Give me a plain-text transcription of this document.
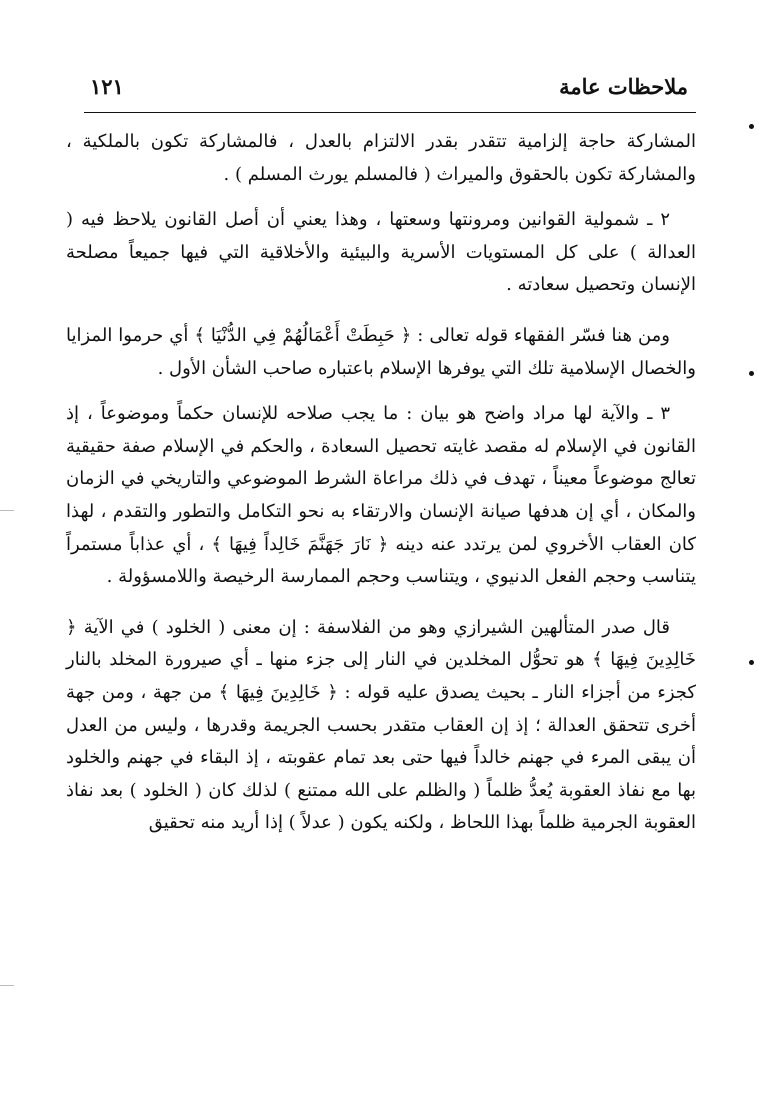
ملاحظات عامة
١٢١

المشاركة حاجة إلزامية تتقدر بقدر الالتزام بالعدل ، فالمشاركة تكون بالملكية ، والمشاركة تكون بالحقوق والميراث ( فالمسلم يورث المسلم ) .

٢ ـ شمولية القوانين ومرونتها وسعتها ، وهذا يعني أن أصل القانون يلاحظ فيه ( العدالة ) على كل المستويات الأسرية والبيئية والأخلاقية التي فيها جميعاً مصلحة الإنسان وتحصيل سعادته .

ومن هنا فسّر الفقهاء قوله تعالى : ﴿ حَبِطَتْ أَعْمَالُهُمْ فِي الدُّنْيَا ﴾ أي حرموا المزايا والخصال الإسلامية تلك التي يوفرها الإسلام باعتباره صاحب الشأن الأول .

٣ ـ والآية لها مراد واضح هو بيان : ما يجب صلاحه للإنسان حكماً وموضوعاً ، إذ القانون في الإسلام له مقصد غايته تحصيل السعادة ، والحكم في الإسلام صفة حقيقية تعالج موضوعاً معيناً ، تهدف في ذلك مراعاة الشرط الموضوعي والتاريخي في الزمان والمكان ، أي إن هدفها صيانة الإنسان والارتقاء به نحو التكامل والتطور والتقدم ، لهذا كان العقاب الأخروي لمن يرتدد عنه دينه ﴿ نَارَ جَهَنَّمَ خَالِداً فِيهَا ﴾ ، أي عذاباً مستمراً يتناسب وحجم الفعل الدنيوي ، ويتناسب وحجم الممارسة الرخيصة واللامسؤولة .

قال صدر المتألهين الشيرازي وهو من الفلاسفة : إن معنى ( الخلود ) في الآية ﴿ خَالِدِينَ فِيهَا ﴾ هو تحوُّل المخلدين في النار إلى جزء منها ـ أي صيرورة المخلد بالنار كجزء من أجزاء النار ـ بحيث يصدق عليه قوله : ﴿ خَالِدِينَ فِيهَا ﴾ من جهة ، ومن جهة أخرى تتحقق العدالة ؛ إذ إن العقاب متقدر بحسب الجريمة وقدرها ، وليس من العدل أن يبقى المرء في جهنم خالداً فيها حتى بعد تمام عقوبته ، إذ البقاء في جهنم والخلود بها مع نفاذ العقوبة يُعدُّ ظلماً ( والظلم على الله ممتنع ) لذلك كان ( الخلود ) بعد نفاذ العقوبة الجرمية ظلماً بهذا اللحاظ ، ولكنه يكون ( عدلاً ) إذا أريد منه تحقيق
